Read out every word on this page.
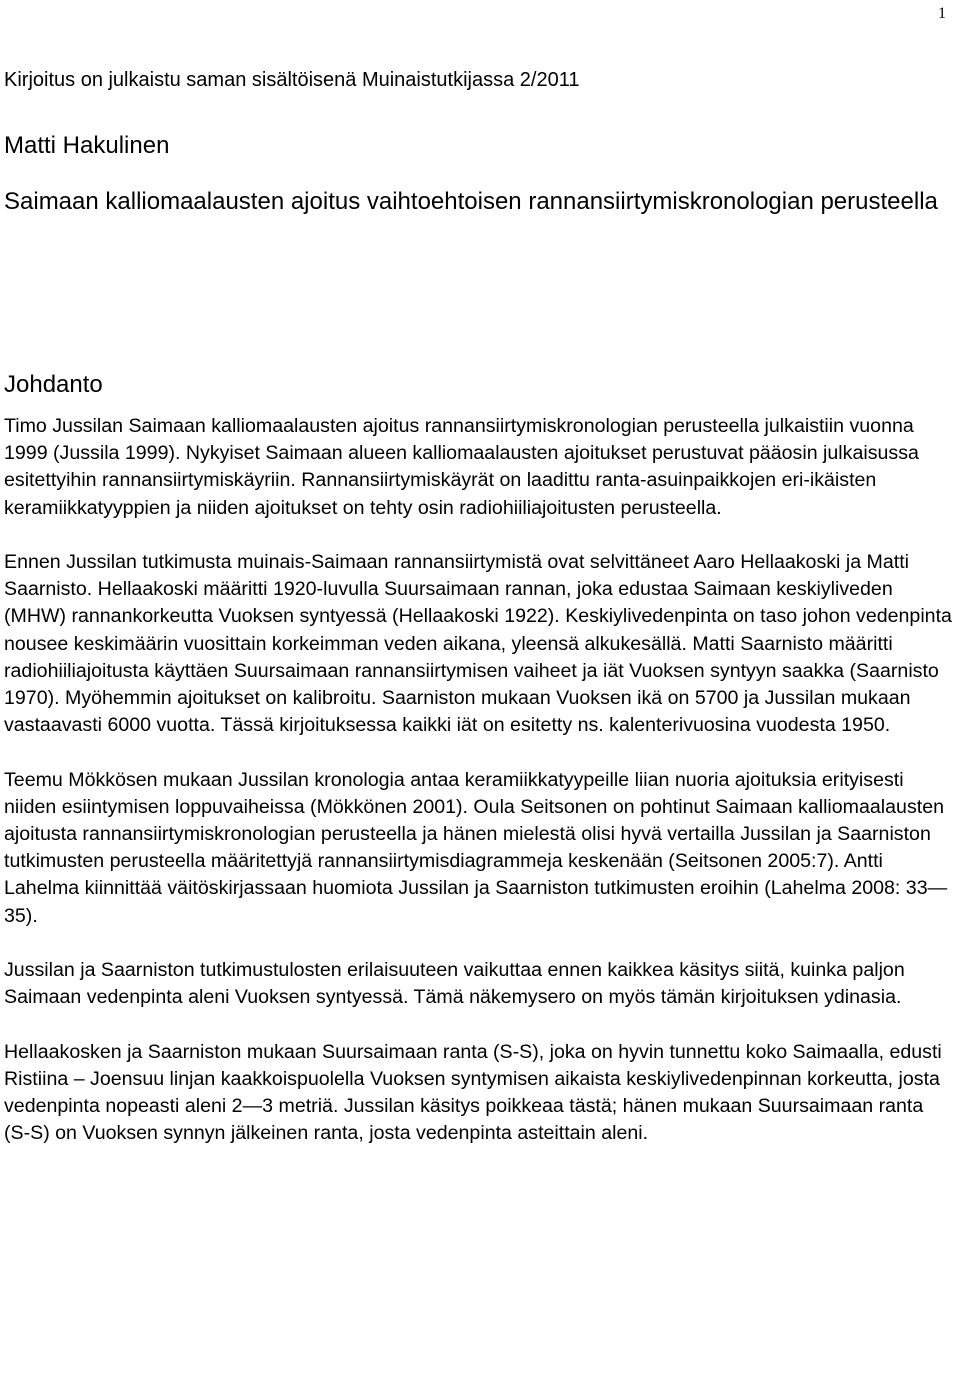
1
Kirjoitus on julkaistu saman sisältöisenä Muinaistutkijassa 2/2011
Matti Hakulinen
Saimaan kalliomaalausten ajoitus vaihtoehtoisen rannansiirtymiskronologian perusteella
Johdanto

Timo Jussilan Saimaan kalliomaalausten ajoitus rannansiirtymiskronologian perusteella julkaistiin vuonna 1999 (Jussila 1999). Nykyiset Saimaan alueen kalliomaalausten ajoitukset perustuvat pääosin julkaisussa esitettyihin rannansiirtymiskäyriin. Rannansiirtymiskäyrät on laadittu ranta-asuinpaikkojen eri-ikäisten keramiikkatyyppien ja niiden ajoitukset on tehty osin radiohiiliajoitusten perusteella.

Ennen Jussilan tutkimusta muinais-Saimaan rannansiirtymistä ovat selvittäneet Aaro Hellaakoski ja Matti Saarnisto. Hellaakoski määritti 1920-luvulla Suursaimaan rannan, joka edustaa Saimaan keskiyliveden (MHW) rannankorkeutta Vuoksen syntyessä (Hellaakoski 1922). Keskiylivedenpinta on taso johon vedenpinta nousee keskimäärin vuosittain korkeimman veden aikana, yleensä alkukesällä. Matti Saarnisto määritti radiohiiliajoitusta käyttäen Suursaimaan rannansiirtymisen vaiheet ja iät Vuoksen syntyyn saakka (Saarnisto 1970). Myöhemmin ajoitukset on kalibroitu. Saarniston mukaan Vuoksen ikä on 5700 ja Jussilan mukaan vastaavasti 6000 vuotta. Tässä kirjoituksessa kaikki iät on esitetty ns. kalenterivuosina vuodesta 1950.

Teemu Mökkösen mukaan Jussilan kronologia antaa keramiikkatyypeille liian nuoria ajoituksia erityisesti niiden esiintymisen loppuvaiheissa (Mökkönen 2001). Oula Seitsonen on pohtinut Saimaan kalliomaalausten ajoitusta rannansiirtymiskronologian perusteella ja hänen mielestä olisi hyvä vertailla Jussilan ja Saarniston tutkimusten perusteella määritettyjä rannansiirtymisdiagrammeja keskenään (Seitsonen 2005:7). Antti Lahelma kiinnittää väitöskirjassaan huomiota Jussilan ja Saarniston tutkimusten eroihin (Lahelma 2008: 33—35).

Jussilan ja Saarniston tutkimustulosten erilaisuuteen vaikuttaa ennen kaikkea käsitys siitä, kuinka paljon Saimaan vedenpinta aleni Vuoksen syntyessä. Tämä näkemysero on myös tämän kirjoituksen ydinasia.

Hellaakosken ja Saarniston mukaan Suursaimaan ranta (S-S), joka on hyvin tunnettu koko Saimaalla, edusti Ristiina – Joensuu linjan kaakkoispuolella Vuoksen syntymisen aikaista keskiylivedenpinnan korkeutta, josta vedenpinta nopeasti aleni 2—3 metriä. Jussilan käsitys poikkeaa tästä; hänen mukaan Suursaimaan ranta (S-S) on Vuoksen synnyn jälkeinen ranta, josta vedenpinta asteittain aleni.
